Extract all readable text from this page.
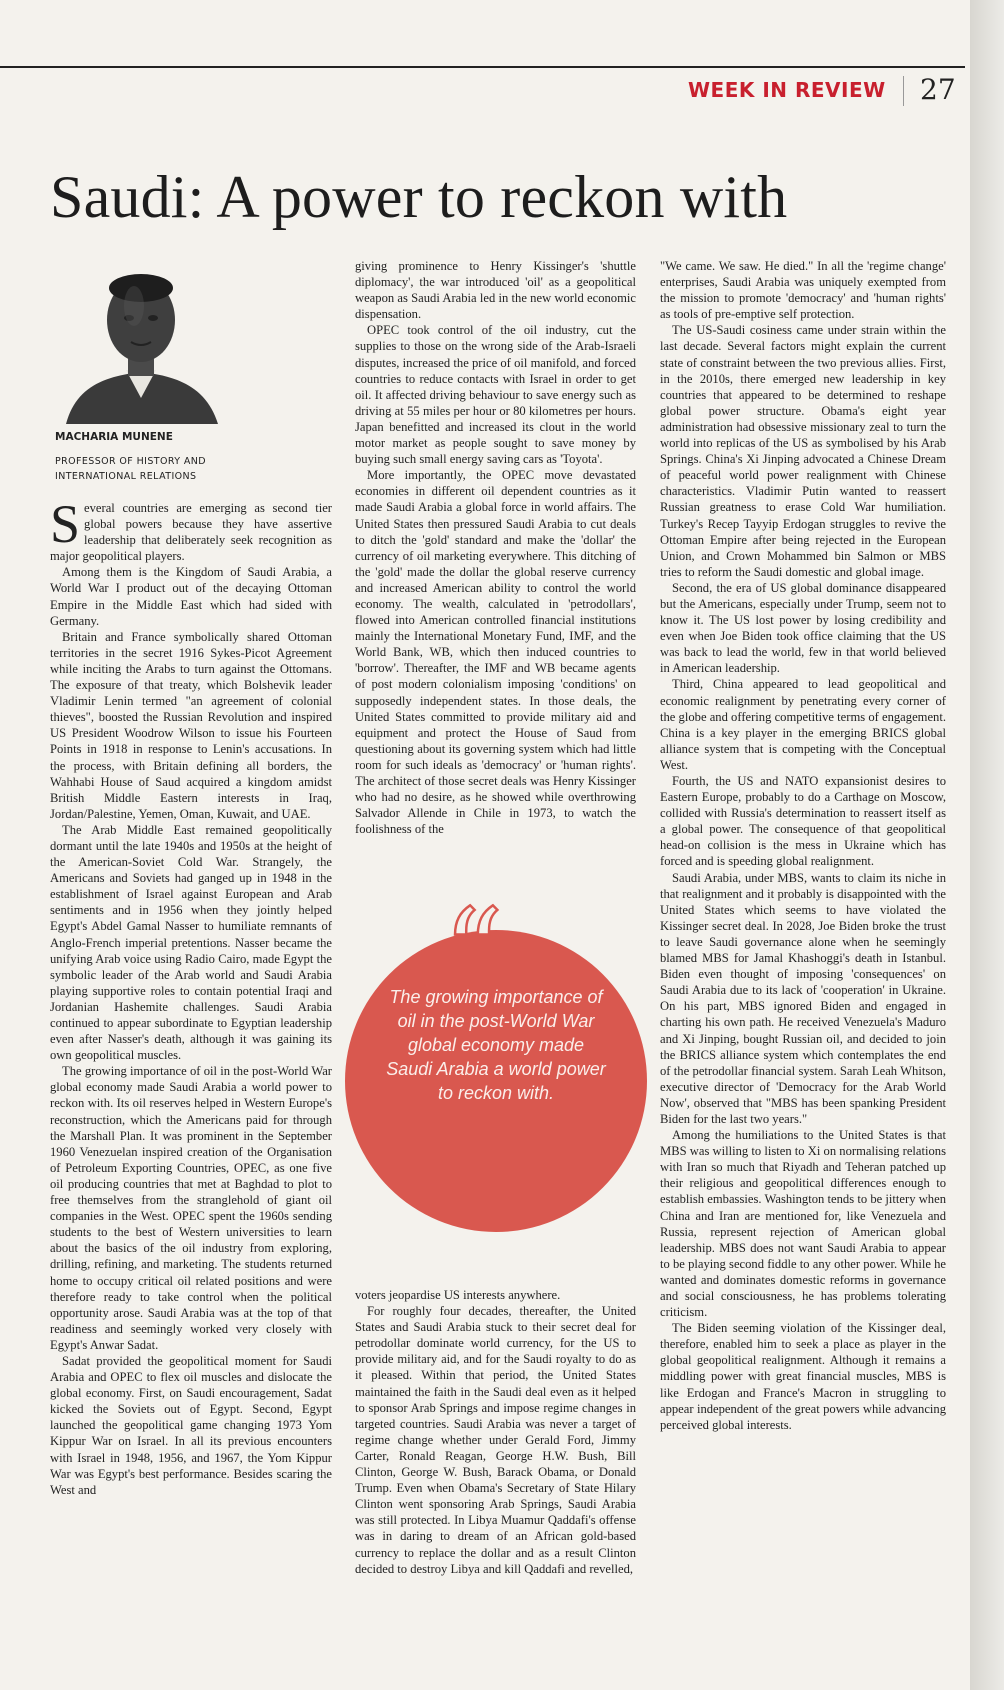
WEEK IN REVIEW 27
Saudi: A power to reckon with
MACHARIA MUNENE
PROFESSOR OF HISTORY AND INTERNATIONAL RELATIONS

Several countries are emerging as second tier global powers because they have assertive leadership that deliberately seek recognition as major geopolitical players.

Among them is the Kingdom of Saudi Arabia, a World War I product out of the decaying Ottoman Empire in the Middle East which had sided with Germany.

Britain and France symbolically shared Ottoman territories in the secret 1916 Sykes-Picot Agreement while inciting the Arabs to turn against the Ottomans. The exposure of that treaty, which Bolshevik leader Vladimir Lenin termed "an agreement of colonial thieves", boosted the Russian Revolution and inspired US President Woodrow Wilson to issue his Fourteen Points in 1918 in response to Lenin's accusations. In the process, with Britain defining all borders, the Wahhabi House of Saud acquired a kingdom amidst British Middle Eastern interests in Iraq, Jordan/Palestine, Yemen, Oman, Kuwait, and UAE.

The Arab Middle East remained geopolitically dormant until the late 1940s and 1950s at the height of the American-Soviet Cold War. Strangely, the Americans and Soviets had ganged up in 1948 in the establishment of Israel against European and Arab sentiments and in 1956 when they jointly helped Egypt's Abdel Gamal Nasser to humiliate remnants of Anglo-French imperial pretentions. Nasser became the unifying Arab voice using Radio Cairo, made Egypt the symbolic leader of the Arab world and Saudi Arabia playing supportive roles to contain potential Iraqi and Jordanian Hashemite challenges. Saudi Arabia continued to appear subordinate to Egyptian leadership even after Nasser's death, although it was gaining its own geopolitical muscles.

The growing importance of oil in the post-World War global economy made Saudi Arabia a world power to reckon with. Its oil reserves helped in Western Europe's reconstruction, which the Americans paid for through the Marshall Plan. It was prominent in the September 1960 Venezuelan inspired creation of the Organisation of Petroleum Exporting Countries, OPEC, as one five oil producing countries that met at Baghdad to plot to free themselves from the stranglehold of giant oil companies in the West. OPEC spent the 1960s sending students to the best of Western universities to learn about the basics of the oil industry from exploring, drilling, refining, and marketing. The students returned home to occupy critical oil related positions and were therefore ready to take control when the political opportunity arose. Saudi Arabia was at the top of that readiness and seemingly worked very closely with Egypt's Anwar Sadat.

Sadat provided the geopolitical moment for Saudi Arabia and OPEC to flex oil muscles and dislocate the global economy. First, on Saudi encouragement, Sadat kicked the Soviets out of Egypt. Second, Egypt launched the geopolitical game changing 1973 Yom Kippur War on Israel. In all its previous encounters with Israel in 1948, 1956, and 1967, the Yom Kippur War was Egypt's best performance. Besides scaring the West and

giving prominence to Henry Kissinger's 'shuttle diplomacy', the war introduced 'oil' as a geopolitical weapon as Saudi Arabia led in the new world economic dispensation.

OPEC took control of the oil industry, cut the supplies to those on the wrong side of the Arab-Israeli disputes, increased the price of oil manifold, and forced countries to reduce contacts with Israel in order to get oil. It affected driving behaviour to save energy such as driving at 55 miles per hour or 80 kilometres per hours. Japan benefitted and increased its clout in the world motor market as people sought to save money by buying such small energy saving cars as 'Toyota'.

More importantly, the OPEC move devastated economies in different oil dependent countries as it made Saudi Arabia a global force in world affairs. The United States then pressured Saudi Arabia to cut deals to ditch the 'gold' standard and make the 'dollar' the currency of oil marketing everywhere. This ditching of the 'gold' made the dollar the global reserve currency and increased American ability to control the world economy. The wealth, calculated in 'petrodollars', flowed into American controlled financial institutions mainly the International Monetary Fund, IMF, and the World Bank, WB, which then induced countries to 'borrow'. Thereafter, the IMF and WB became agents of post modern colonialism imposing 'conditions' on supposedly independent states. In those deals, the United States committed to provide military aid and equipment and protect the House of Saud from questioning about its governing system which had little room for such ideals as 'democracy' or 'human rights'. The architect of those secret deals was Henry Kissinger who had no desire, as he showed while overthrowing Salvador Allende in Chile in 1973, to watch the foolishness of the

“
The growing importance of oil in the post-World War global economy made Saudi Arabia a world power to reckon with.

voters jeopardise US interests anywhere.

For roughly four decades, thereafter, the United States and Saudi Arabia stuck to their secret deal for petrodollar dominate world currency, for the US to provide military aid, and for the Saudi royalty to do as it pleased. Within that period, the United States maintained the faith in the Saudi deal even as it helped to sponsor Arab Springs and impose regime changes in targeted countries. Saudi Arabia was never a target of regime change whether under Gerald Ford, Jimmy Carter, Ronald Reagan, George H.W. Bush, Bill Clinton, George W. Bush, Barack Obama, or Donald Trump. Even when Obama's Secretary of State Hilary Clinton went sponsoring Arab Springs, Saudi Arabia was still protected. In Libya Muamur Qaddafi's offense was in daring to dream of an African gold-based currency to replace the dollar and as a result Clinton decided to destroy Libya and kill Qaddafi and revelled,

"We came. We saw. He died." In all the 'regime change' enterprises, Saudi Arabia was uniquely exempted from the mission to promote 'democracy' and 'human rights' as tools of pre-emptive self protection.

The US-Saudi cosiness came under strain within the last decade. Several factors might explain the current state of constraint between the two previous allies. First, in the 2010s, there emerged new leadership in key countries that appeared to be determined to reshape global power structure. Obama's eight year administration had obsessive missionary zeal to turn the world into replicas of the US as symbolised by his Arab Springs. China's Xi Jinping advocated a Chinese Dream of peaceful world power realignment with Chinese characteristics. Vladimir Putin wanted to reassert Russian greatness to erase Cold War humiliation. Turkey's Recep Tayyip Erdogan struggles to revive the Ottoman Empire after being rejected in the European Union, and Crown Mohammed bin Salmon or MBS tries to reform the Saudi domestic and global image.

Second, the era of US global dominance disappeared but the Americans, especially under Trump, seem not to know it. The US lost power by losing credibility and even when Joe Biden took office claiming that the US was back to lead the world, few in that world believed in American leadership.

Third, China appeared to lead geopolitical and economic realignment by penetrating every corner of the globe and offering competitive terms of engagement. China is a key player in the emerging BRICS global alliance system that is competing with the Conceptual West.

Fourth, the US and NATO expansionist desires to Eastern Europe, probably to do a Carthage on Moscow, collided with Russia's determination to reassert itself as a global power. The consequence of that geopolitical head-on collision is the mess in Ukraine which has forced and is speeding global realignment.

Saudi Arabia, under MBS, wants to claim its niche in that realignment and it probably is disappointed with the United States which seems to have violated the Kissinger secret deal. In 2028, Joe Biden broke the trust to leave Saudi governance alone when he seemingly blamed MBS for Jamal Khashoggi's death in Istanbul. Biden even thought of imposing 'consequences' on Saudi Arabia due to its lack of 'cooperation' in Ukraine. On his part, MBS ignored Biden and engaged in charting his own path. He received Venezuela's Maduro and Xi Jinping, bought Russian oil, and decided to join the BRICS alliance system which contemplates the end of the petrodollar financial system. Sarah Leah Whitson, executive director of 'Democracy for the Arab World Now', observed that "MBS has been spanking President Biden for the last two years."

Among the humiliations to the United States is that MBS was willing to listen to Xi on normalising relations with Iran so much that Riyadh and Teheran patched up their religious and geopolitical differences enough to establish embassies. Washington tends to be jittery when China and Iran are mentioned for, like Venezuela and Russia, represent rejection of American global leadership. MBS does not want Saudi Arabia to appear to be playing second fiddle to any other power. While he wanted and dominates domestic reforms in governance and social consciousness, he has problems tolerating criticism.

The Biden seeming violation of the Kissinger deal, therefore, enabled him to seek a place as player in the global geopolitical realignment. Although it remains a middling power with great financial muscles, MBS is like Erdogan and France's Macron in struggling to appear independent of the great powers while advancing perceived global interests.
